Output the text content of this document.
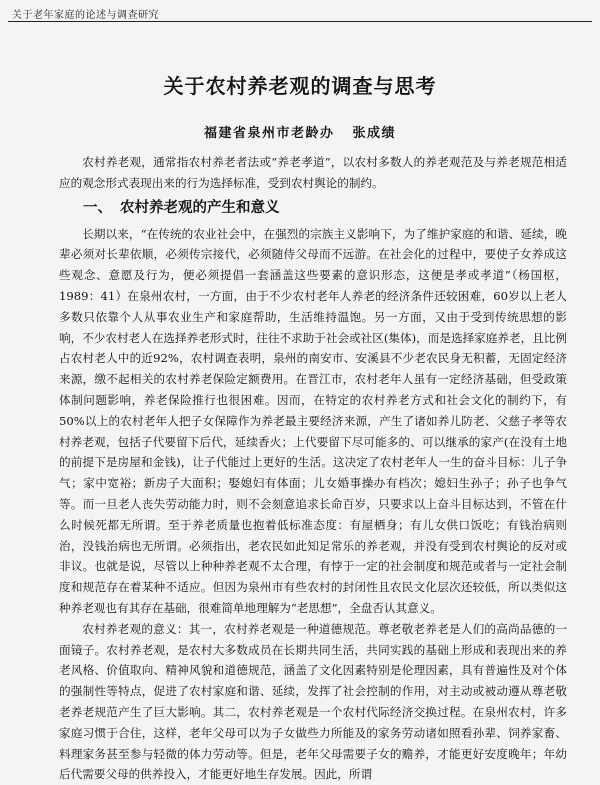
关于老年家庭的论述与调查研究
关于农村养老观的调查与思考
福建省泉州市老龄办 张成绩

农村养老观，通常指农村养老者法或“养老孝道”，以农村多数人的养老观范及与养老规范相适应的观念形式表现出来的行为选择标准，受到农村舆论的制约。

一、 农村养老观的产生和意义

长期以来，“在传统的农业社会中，在强烈的宗族主义影响下，为了维护家庭的和谐、延续，晚辈必须对长辈依顺，必须传宗接代，必须随侍父母而不远游。在社会化的过程中，要使子女养成这些观念、意愿及行为，便必须提倡一套涵盖这些要素的意识形态，这便是孝或孝道”（杨国枢，1989：41）在泉州农村，一方面，由于不少农村老年人养老的经济条件还较困难，60岁以上老人多数只依靠个人从事农业生产和家庭帮助，生活维持温饱。另一方面，又由于受到传统思想的影响，不少农村老人在选择养老形式时，往往不求助于社会或社区(集体)，而是选择家庭养老，且比例占农村老人中的近92%，农村调查表明，泉州的南安市、安溪县不少老农民身无积蓄，无固定经济来源，缴不起相关的农村养老保险定额费用。在晋江市，农村老年人虽有一定经济基础，但受政策体制问题影响，养老保险推行也很困难。因而，在特定的农村养老方式和社会文化的制约下，有50%以上的农村老年人把子女保障作为养老最主要经济来源，产生了诸如养儿防老、父慈子孝等农村养老观，包括子代要留下后代，延续香火；上代要留下尽可能多的、可以继承的家产(在没有土地的前提下是房屋和金钱)，让子代能过上更好的生活。这决定了农村老年人一生的奋斗目标：儿子争气；家中宽裕；新房子大面积；娶媳妇有体面；儿女婚事操办有档次；媳妇生孙子；孙子也争气等。而一旦老人丧失劳动能力时，则不会刻意追求长命百岁，只要求以上奋斗目标达到，不管在什么时候死都无所谓。至于养老质量也抱着低标准态度：有屋栖身；有儿女供口饭吃；有钱治病则治，没钱治病也无所谓。必须指出，老农民如此知足常乐的养老观，并没有受到农村舆论的反对或非议。也就是说，尽管以上种种养老观不太合理，有悖于一定的社会制度和规范或者与一定社会制度和规范存在着某种不适应。但因为泉州市有些农村的封闭性且农民文化层次还较低，所以类似这种养老观也有其存在基础，很难简单地理解为“老思想”，全盘否认其意义。

农村养老观的意义：其一，农村养老观是一种道德规范。尊老敬老养老是人们的高尚品德的一面镜子。农村养老观，是农村大多数成员在长期共同生活，共同实践的基础上形成和表现出来的养老风格、价值取向、精神风貌和道德规范，涵盖了文化因素特别是伦理因素，具有普遍性及对个体的强制性等特点，促进了农村家庭和谐、延续，发挥了社会控制的作用，对主动或被动遵从尊老敬老养老规范产生了巨大影响。其二，农村养老观是一个农村代际经济交换过程。在泉州农村，许多家庭习惯于合住，这样，老年父母可以为子女做些力所能及的家务劳动诸如照看孙辈、饲养家畜、料理家务甚至参与轻微的体力劳动等。但是，老年父母需要子女的赡养，才能更好安度晚年；年幼后代需要父母的供养投入，才能更好地生存发展。因此，所谓
